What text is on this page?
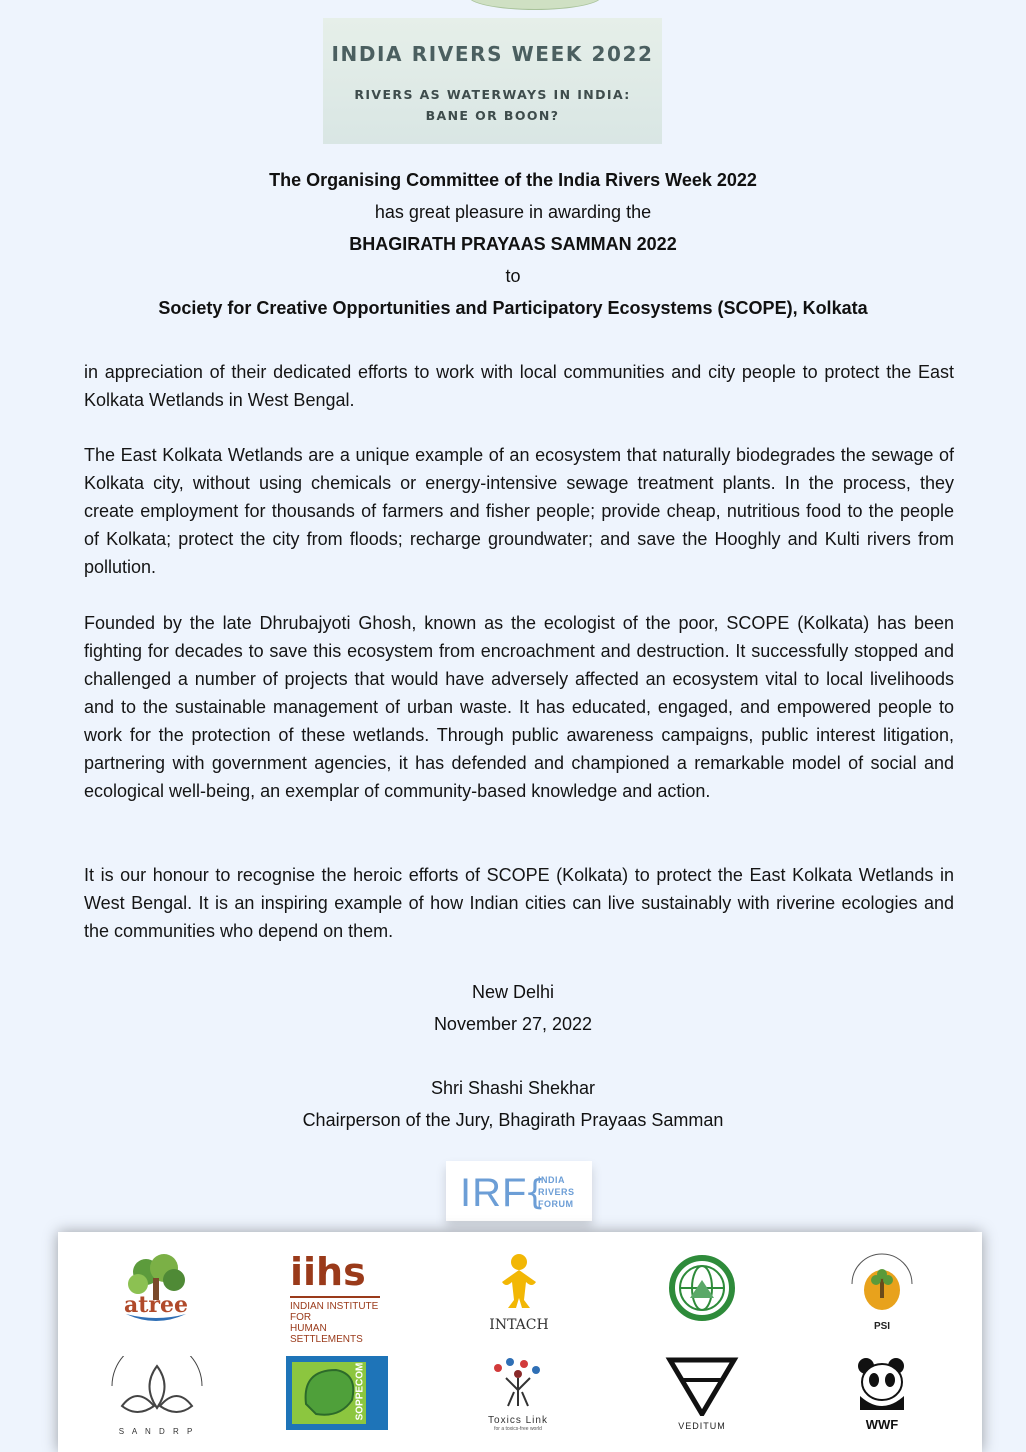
INDIA RIVERS WEEK 2022
RIVERS AS WATERWAYS IN INDIA:
BANE OR BOON?
The Organising Committee of the India Rivers Week 2022
has great pleasure in awarding the
BHAGIRATH PRAYAAS SAMMAN 2022
to
Society for Creative Opportunities and Participatory Ecosystems (SCOPE), Kolkata
in appreciation of their dedicated efforts to work with local communities and city people to protect the East Kolkata Wetlands in West Bengal.
The East Kolkata Wetlands are a unique example of an ecosystem that naturally biodegrades the sewage of Kolkata city, without using chemicals or energy-intensive sewage treatment plants. In the process, they create employment for thousands of farmers and fisher people; provide cheap, nutritious food to the people of Kolkata; protect the city from floods; recharge groundwater; and save the Hooghly and Kulti rivers from pollution.
Founded by the late Dhrubajyoti Ghosh, known as the ecologist of the poor, SCOPE (Kolkata) has been fighting for decades to save this ecosystem from encroachment and destruction. It successfully stopped and challenged a number of projects that would have adversely affected an ecosystem vital to local livelihoods and to the sustainable management of urban waste. It has educated, engaged, and empowered people to work for the protection of these wetlands. Through public awareness campaigns, public interest litigation, partnering with government agencies, it has defended and championed a remarkable model of social and ecological well-being, an exemplar of community-based knowledge and action.
It is our honour to recognise the heroic efforts of SCOPE (Kolkata) to protect the East Kolkata Wetlands in West Bengal. It is an inspiring example of how Indian cities can live sustainably with riverine ecologies and the communities who depend on them.
New Delhi
November 27, 2022
Shri Shashi Shekhar
Chairperson of the Jury, Bhagirath Prayaas Samman
IRF
{
INDIA
RIVERS
FORUM
atree
iihs
INDIAN INSTITUTE FOR
HUMAN SETTLEMENTS
INTACH	PSI
S A N D R P
SOPPECOM
Toxics Link
for a toxics-free world	VEDITUM	WWF
